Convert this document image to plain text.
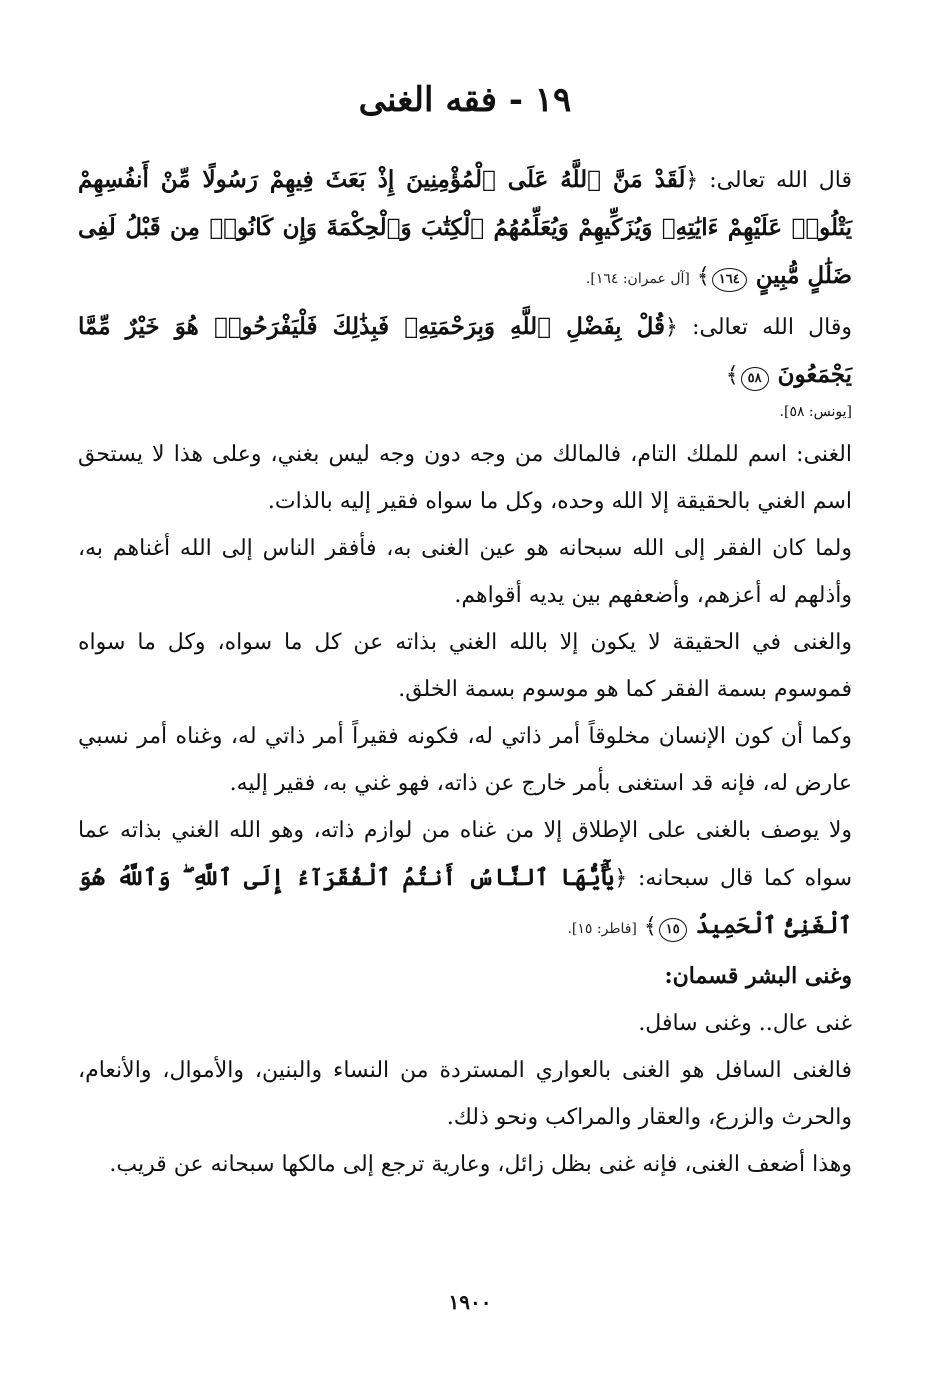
١٩ - فقه الغنى

قال الله تعالى: ﴿لَقَدْ مَنَّ ٱللَّهُ عَلَى ٱلْمُؤْمِنِينَ إِذْ بَعَثَ فِيهِمْ رَسُولًا مِّنْ أَنفُسِهِمْ يَتْلُوا۟ عَلَيْهِمْ ءَايَٰتِهِۦ وَيُزَكِّيهِمْ وَيُعَلِّمُهُمُ ٱلْكِتَٰبَ وَٱلْحِكْمَةَ وَإِن كَانُوا۟ مِن قَبْلُ لَفِى ضَلَٰلٍ مُّبِينٍ ١٦٤﴾ [آل عمران: ١٦٤].

وقال الله تعالى: ﴿قُلْ بِفَضْلِ ٱللَّهِ وَبِرَحْمَتِهِۦ فَبِذَٰلِكَ فَلْيَفْرَحُوا۟ هُوَ خَيْرٌ مِّمَّا يَجْمَعُونَ ٥٨﴾

[يونس: ٥٨].

الغنى: اسم للملك التام، فالمالك من وجه دون وجه ليس بغني، وعلى هذا لا يستحق اسم الغني بالحقيقة إلا الله وحده، وكل ما سواه فقير إليه بالذات.

ولما كان الفقر إلى الله سبحانه هو عين الغنى به، فأفقر الناس إلى الله أغناهم به، وأذلهم له أعزهم، وأضعفهم بين يديه أقواهم.

والغنى في الحقيقة لا يكون إلا بالله الغني بذاته عن كل ما سواه، وكل ما سواه فموسوم بسمة الفقر كما هو موسوم بسمة الخلق.

وكما أن كون الإنسان مخلوقاً أمر ذاتي له، فكونه فقيراً أمر ذاتي له، وغناه أمر نسبي عارض له، فإنه قد استغنى بأمر خارج عن ذاته، فهو غني به، فقير إليه.

ولا يوصف بالغنى على الإطلاق إلا من غناه من لوازم ذاته، وهو الله الغني بذاته عما سواه كما قال سبحانه: ﴿يَٰٓأَيُّهَا ٱلنَّاسُ أَنتُمُ ٱلْفُقَرَآءُ إِلَى ٱللَّهِ ۖ وَٱللَّهُ هُوَ ٱلْغَنِىُّ ٱلْحَمِيدُ ١٥﴾ [فاطر: ١٥].

وغنى البشر قسمان:

غنى عال.. وغنى سافل.

فالغنى السافل هو الغنى بالعواري المستردة من النساء والبنين، والأموال، والأنعام، والحرث والزرع، والعقار والمراكب ونحو ذلك.

وهذا أضعف الغنى، فإنه غنى بظل زائل، وعارية ترجع إلى مالكها سبحانه عن قريب.

١٩٠٠
